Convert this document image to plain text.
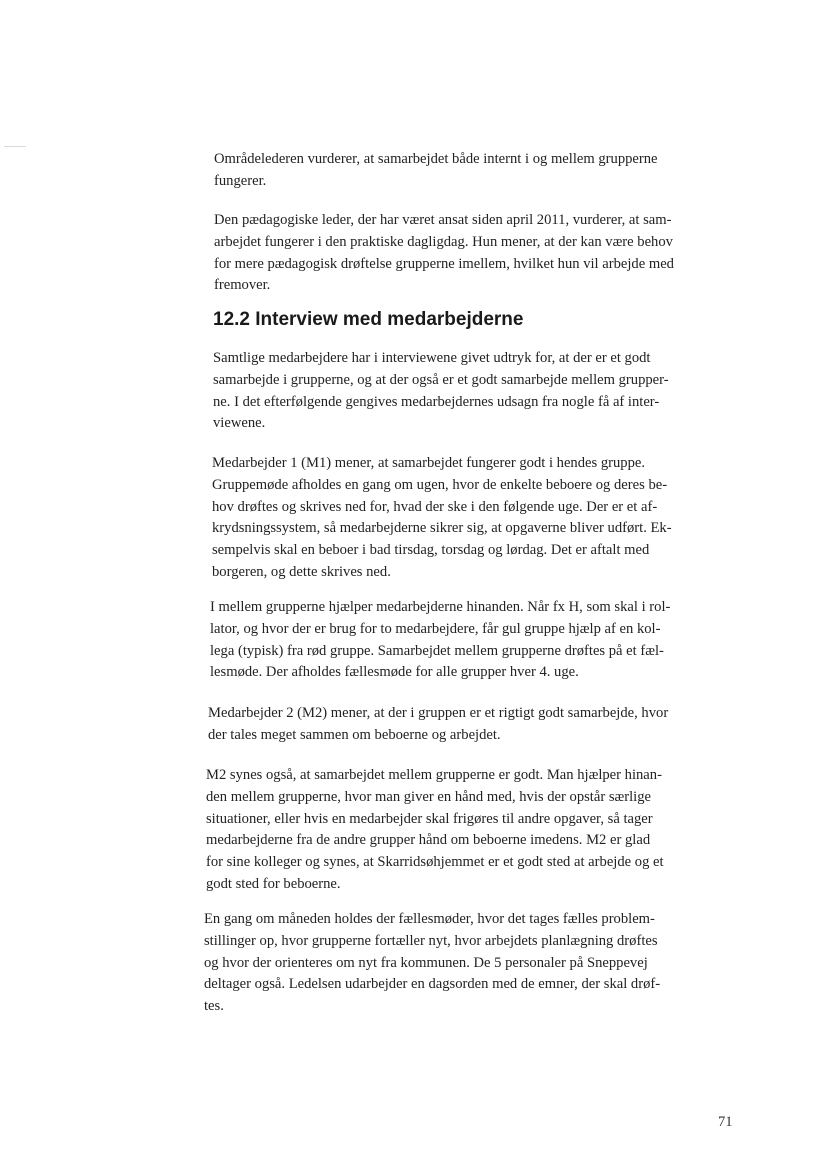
Områdelederen vurderer, at samarbejdet både internt i og mellem grupperne
fungerer.
Den pædagogiske leder, der har været ansat siden april 2011, vurderer, at sam-
arbejdet fungerer i den praktiske dagligdag. Hun mener, at der kan være behov
for mere pædagogisk drøftelse grupperne imellem, hvilket hun vil arbejde med
fremover.
12.2 Interview med medarbejderne
Samtlige medarbejdere har i interviewene givet udtryk for, at der er et godt
samarbejde i grupperne, og at der også er et godt samarbejde mellem grupper-
ne. I det efterfølgende gengives medarbejdernes udsagn fra nogle få af inter-
viewene.
Medarbejder 1 (M1) mener, at samarbejdet fungerer godt i hendes gruppe.
Gruppemøde afholdes en gang om ugen, hvor de enkelte beboere og deres be-
hov drøftes og skrives ned for, hvad der ske i den følgende uge. Der er et af-
krydsningssystem, så medarbejderne sikrer sig, at opgaverne bliver udført. Ek-
sempelvis skal en beboer i bad tirsdag, torsdag og lørdag. Det er aftalt med
borgeren, og dette skrives ned.
I mellem grupperne hjælper medarbejderne hinanden. Når fx H, som skal i rol-
lator, og hvor der er brug for to medarbejdere, får gul gruppe hjælp af en kol-
lega (typisk) fra rød gruppe. Samarbejdet mellem grupperne drøftes på et fæl-
lesmøde. Der afholdes fællesmøde for alle grupper hver 4. uge.
Medarbejder 2 (M2) mener, at der i gruppen er et rigtigt godt samarbejde, hvor
der tales meget sammen om beboerne og arbejdet.
M2 synes også, at samarbejdet mellem grupperne er godt. Man hjælper hinan-
den mellem grupperne, hvor man giver en hånd med, hvis der opstår særlige
situationer, eller hvis en medarbejder skal frigøres til andre opgaver, så tager
medarbejderne fra de andre grupper hånd om beboerne imedens. M2 er glad
for sine kolleger og synes, at Skarridsøhjemmet er et godt sted at arbejde og et
godt sted for beboerne.
En gang om måneden holdes der fællesmøder, hvor det tages fælles problem-
stillinger op, hvor grupperne fortæller nyt, hvor arbejdets planlægning drøftes
og hvor der orienteres om nyt fra kommunen. De 5 personaler på Sneppevej
deltager også. Ledelsen udarbejder en dagsorden med de emner, der skal drøf-
tes.
71
